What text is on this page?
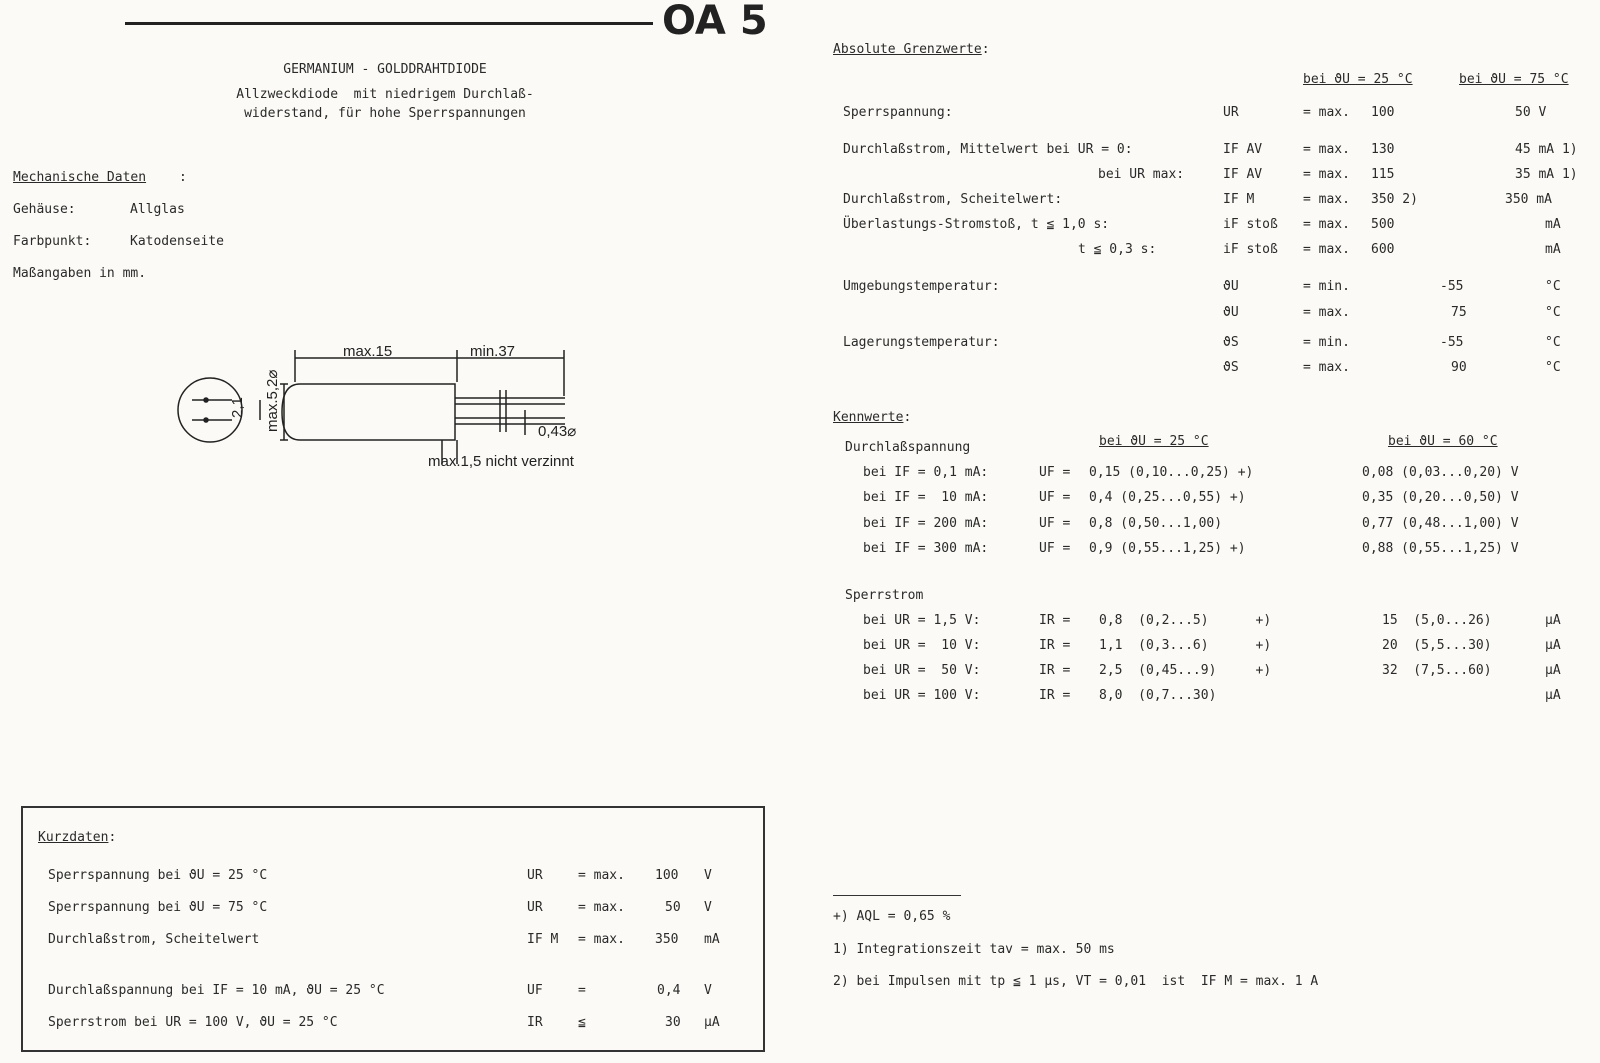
OA 5
GERMANIUM - GOLDDRAHTDIODE
Allzweckdiode  mit niedrigem Durchlaß-
widerstand, für hohe Sperrspannungen
Mechanische Daten	:
Gehäuse:	Allglas
Farbpunkt:	Katodenseite
Maßangaben in mm.
max.15	min.37
2,1 max.5,2⌀	0,43⌀
max.1,5 nicht verzinnt
Absolute Grenzwerte:
bei ϑU = 25 °C	bei ϑU = 75 °C
Sperrspannung:	UR	= max. 100	50 V
Durchlaßstrom, Mittelwert bei UR = 0:	IF AV	= max. 130	45 mA 1)
bei UR max:	IF AV	= max. 115	35 mA 1)
Durchlaßstrom, Scheitelwert:	IF M	= max. 350 2)	350 mA
Überlastungs-Stromstoß, t ≦ 1,0 s:	iF stoß = max. 500	mA
t ≦ 0,3 s:	iF stoß = max. 600	mA
Umgebungstemperatur:	ϑU	= min.	-55	°C
ϑU	= max.	75	°C
Lagerungstemperatur:	ϑS	= min.	-55	°C
ϑS	= max.	90	°C
Kennwerte:
Durchlaßspannung	bei ϑU = 25 °C	bei ϑU = 60 °C
bei IF = 0,1 mA:	UF = 0,15 (0,10...0,25) +)	0,08 (0,03...0,20) V
bei IF =  10 mA:	UF = 0,4 (0,25...0,55) +)	0,35 (0,20...0,50) V
bei IF = 200 mA:	UF = 0,8 (0,50...1,00)	0,77 (0,48...1,00) V
bei IF = 300 mA:	UF = 0,9 (0,55...1,25) +)	0,88 (0,55...1,25) V
Sperrstrom
bei UR = 1,5 V:	IR = 0,8  (0,2...5)      +)	15  (5,0...26)	µA
bei UR =  10 V:	IR = 1,1  (0,3...6)      +)	20  (5,5...30)	µA
bei UR =  50 V:	IR = 2,5  (0,45...9)     +)	32  (7,5...60)	µA
bei UR = 100 V:	IR = 8,0  (0,7...30)	µA
Kurzdaten:
Sperrspannung bei ϑU = 25 °C	UR	= max. 100 V
Sperrspannung bei ϑU = 75 °C	UR	= max.	50 V
Durchlaßstrom, Scheitelwert	IF M = max. 350 mA
Durchlaßspannung bei IF = 10 mA, ϑU = 25 °C	UF	=	0,4 V
Sperrstrom bei UR = 100 V, ϑU = 25 °C	IR	≦	30 µA
+) AQL = 0,65 %
1) Integrationszeit tav = max. 50 ms
2) bei Impulsen mit tp ≦ 1 µs, VT = 0,01  ist  IF M = max. 1 A
